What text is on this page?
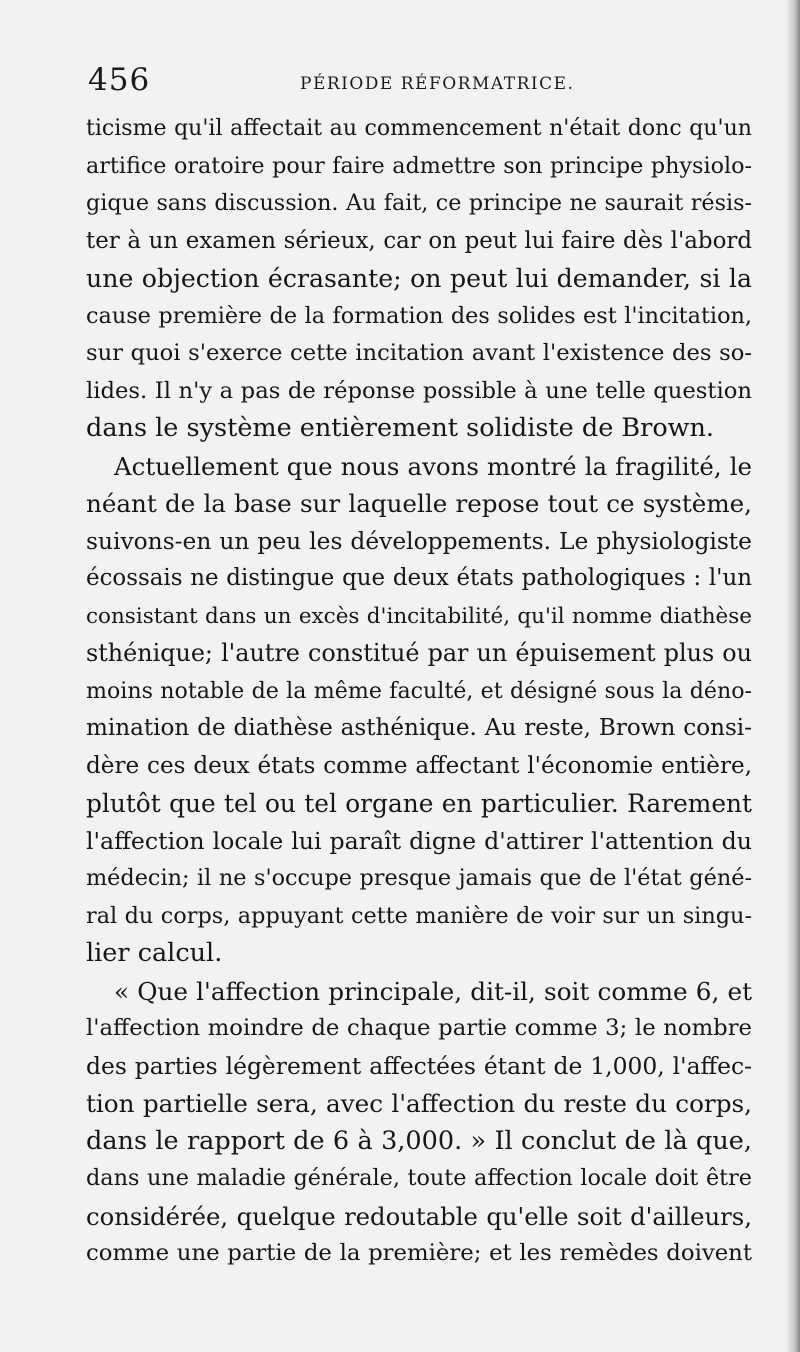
456	PÉRIODE RÉFORMATRICE.
ticisme qu'il affectait au commencement n'était donc qu'un
artifice oratoire pour faire admettre son principe physiolo-
gique sans discussion. Au fait, ce principe ne saurait résis-
ter à un examen sérieux, car on peut lui faire dès l'abord
une objection écrasante; on peut lui demander, si la
cause première de la formation des solides est l'incitation,
sur quoi s'exerce cette incitation avant l'existence des so-
lides. Il n'y a pas de réponse possible à une telle question
dans le système entièrement solidiste de Brown.
Actuellement que nous avons montré la fragilité, le
néant de la base sur laquelle repose tout ce système,
suivons-en un peu les développements. Le physiologiste
écossais ne distingue que deux états pathologiques : l'un
consistant dans un excès d'incitabilité, qu'il nomme diathèse
sthénique; l'autre constitué par un épuisement plus ou
moins notable de la même faculté, et désigné sous la déno-
mination de diathèse asthénique. Au reste, Brown consi-
dère ces deux états comme affectant l'économie entière,
plutôt que tel ou tel organe en particulier. Rarement
l'affection locale lui paraît digne d'attirer l'attention du
médecin; il ne s'occupe presque jamais que de l'état géné-
ral du corps, appuyant cette manière de voir sur un singu-
lier calcul.
« Que l'affection principale, dit-il, soit comme 6, et
l'affection moindre de chaque partie comme 3; le nombre
des parties légèrement affectées étant de 1,000, l'affec-
tion partielle sera, avec l'affection du reste du corps,
dans le rapport de 6 à 3,000. » Il conclut de là que,
dans une maladie générale, toute affection locale doit être
considérée, quelque redoutable qu'elle soit d'ailleurs,
comme une partie de la première; et les remèdes doivent
